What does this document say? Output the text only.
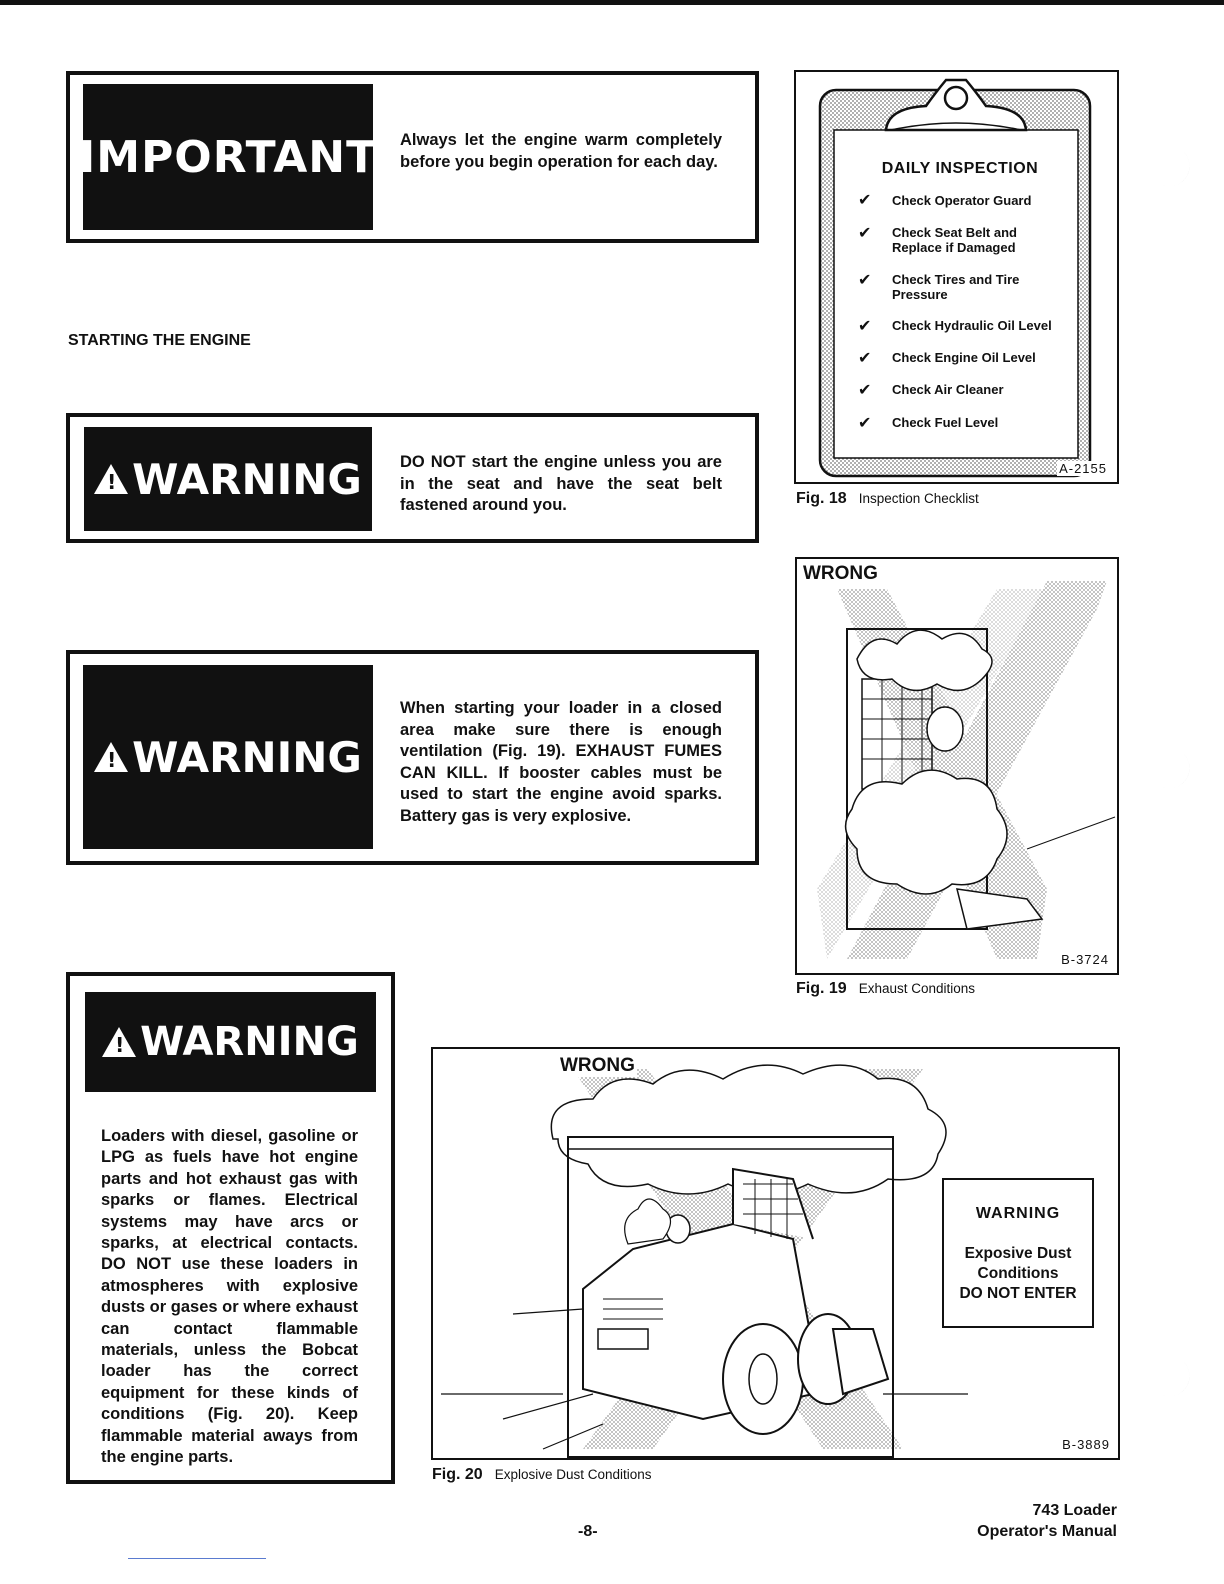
IMPORTANT Always let the engine warm completely before you begin operation for each day.
STARTING THE ENGINE
! WARNING DO NOT start the engine unless you are in the seat and have the seat belt fastened around you.
! WARNING
When starting your loader in a closed area make sure there is enough ventilation (Fig. 19). EXHAUST FUMES CAN KILL. If booster cables must be used to start the engine avoid sparks. Battery gas is very explosive.
! WARNING
Loaders with diesel, gasoline or LPG as fuels have hot engine parts and hot exhaust gas with sparks or flames. Electrical systems may have arcs or sparks, at electrical contacts. DO NOT use these loaders in atmospheres with explosive dusts or gases or where exhaust can contact flammable materials, unless the Bobcat loader has the correct equipment for these kinds of conditions (Fig. 20). Keep flammable material aways from the engine parts.
A-2155
DAILY INSPECTION
✔ Check Operator Guard
✔ Check Seat Belt and Replace if Damaged
✔ Check Tires and Tire Pressure
✔ Check Hydraulic Oil Level
✔ Check Engine Oil Level
✔ Check Air Cleaner
✔ Check Fuel Level
Fig. 18 Inspection Checklist
WRONG
B-3724
Fig. 19 Exhaust Conditions
WRONG
B-3889
WARNING
Exposive Dust
Conditions
DO NOT ENTER
Fig. 20 Explosive Dust Conditions
-8-
743 Loader
Operator's Manual
